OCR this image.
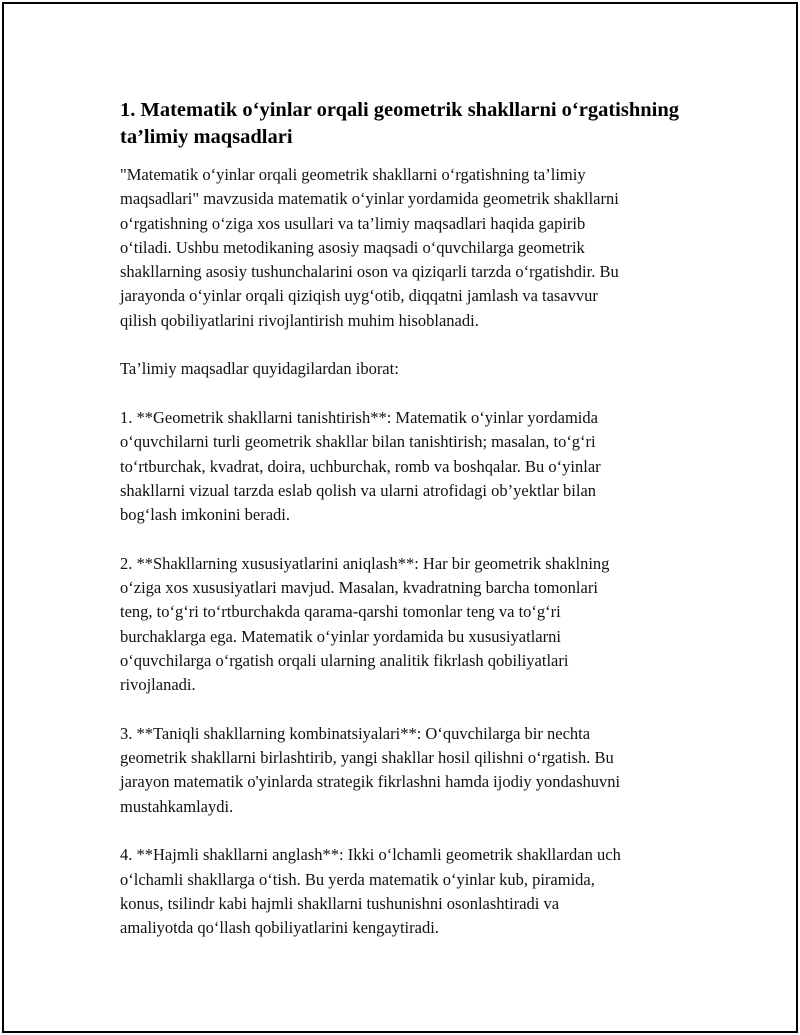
1. Matematik o‘yinlar orqali geometrik shakllarni o‘rgatishning ta’limiy maqsadlari

"Matematik o‘yinlar orqali geometrik shakllarni o‘rgatishning ta’limiy
maqsadlari" mavzusida matematik o‘yinlar yordamida geometrik shakllarni
o‘rgatishning o‘ziga xos usullari va ta’limiy maqsadlari haqida gapirib
o‘tiladi. Ushbu metodikaning asosiy maqsadi o‘quvchilarga geometrik
shakllarning asosiy tushunchalarini oson va qiziqarli tarzda o‘rgatishdir. Bu
jarayonda o‘yinlar orqali qiziqish uyg‘otib, diqqatni jamlash va tasavvur
qilish qobiliyatlarini rivojlantirish muhim hisoblanadi.

Ta’limiy maqsadlar quyidagilardan iborat:

1. **Geometrik shakllarni tanishtirish**: Matematik o‘yinlar yordamida
o‘quvchilarni turli geometrik shakllar bilan tanishtirish; masalan, to‘g‘ri
to‘rtburchak, kvadrat, doira, uchburchak, romb va boshqalar. Bu o‘yinlar
shakllarni vizual tarzda eslab qolish va ularni atrofidagi ob’yektlar bilan
bog‘lash imkonini beradi.

2. **Shakllarning xususiyatlarini aniqlash**: Har bir geometrik shaklning
o‘ziga xos xususiyatlari mavjud. Masalan, kvadratning barcha tomonlari
teng, to‘g‘ri to‘rtburchakda qarama-qarshi tomonlar teng va to‘g‘ri
burchaklarga ega. Matematik o‘yinlar yordamida bu xususiyatlarni
o‘quvchilarga o‘rgatish orqali ularning analitik fikrlash qobiliyatlari
rivojlanadi.

3. **Taniqli shakllarning kombinatsiyalari**: O‘quvchilarga bir nechta
geometrik shakllarni birlashtirib, yangi shakllar hosil qilishni o‘rgatish. Bu
jarayon matematik o'yinlarda strategik fikrlashni hamda ijodiy yondashuvni
mustahkamlaydi.

4. **Hajmli shakllarni anglash**: Ikki o‘lchamli geometrik shakllardan uch
o‘lchamli shakllarga o‘tish. Bu yerda matematik o‘yinlar kub, piramida,
konus, tsilindr kabi hajmli shakllarni tushunishni osonlashtiradi va
amaliyotda qo‘llash qobiliyatlarini kengaytiradi.
